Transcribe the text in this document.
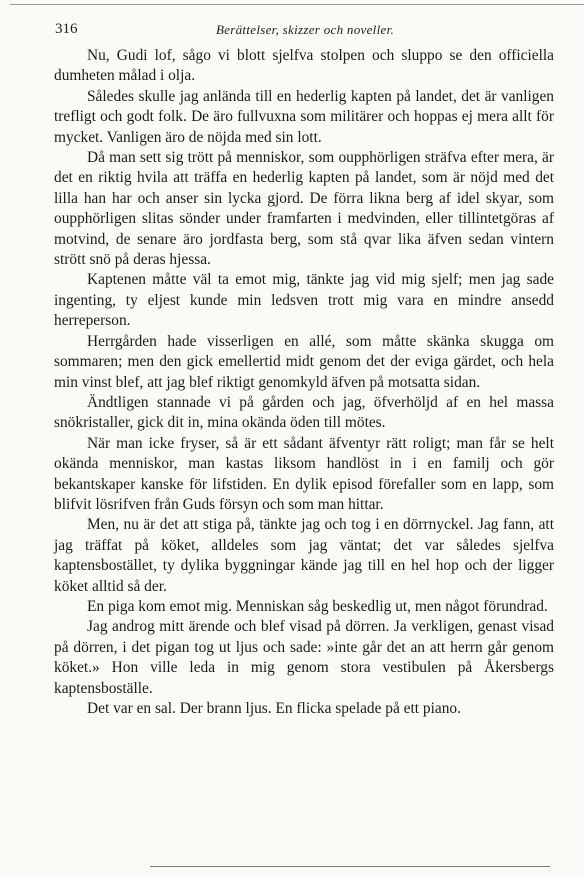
316	Berättelser, skizzer och noveller.

Nu, Gudi lof, sågo vi blott sjelfva stolpen och sluppo se den officiella dumheten målad i olja.

Således skulle jag anlända till en hederlig kapten på landet, det är vanligen trefligt och godt folk. De äro fullvuxna som militärer och hoppas ej mera allt för mycket. Vanligen äro de nöjda med sin lott.

Då man sett sig trött på menniskor, som oupphörligen sträfva efter mera, är det en riktig hvila att träffa en hederlig kapten på landet, som är nöjd med det lilla han har och anser sin lycka gjord. De förra likna berg af idel skyar, som oupphörligen slitas sönder under framfarten i medvinden, eller tillintetgöras af motvind, de senare äro jordfasta berg, som stå qvar lika äfven sedan vintern strött snö på deras hjessa.

Kaptenen måtte väl ta emot mig, tänkte jag vid mig sjelf; men jag sade ingenting, ty eljest kunde min ledsven trott mig vara en mindre ansedd herreperson.

Herrgården hade visserligen en allé, som måtte skänka skugga om sommaren; men den gick emellertid midt genom det der eviga gärdet, och hela min vinst blef, att jag blef riktigt genomkyld äfven på motsatta sidan.

Ändtligen stannade vi på gården och jag, öfverhöljd af en hel massa snökristaller, gick dit in, mina okända öden till mötes.

När man icke fryser, så är ett sådant äfventyr rätt roligt; man får se helt okända menniskor, man kastas liksom handlöst in i en familj och gör bekantskaper kanske för lifstiden. En dylik episod förefaller som en lapp, som blifvit lösrifven från Guds försyn och som man hittar.

Men, nu är det att stiga på, tänkte jag och tog i en dörrnyckel. Jag fann, att jag träffat på köket, alldeles som jag väntat; det var således sjelfva kaptensbostället, ty dylika byggningar kände jag till en hel hop och der ligger köket alltid så der.

En piga kom emot mig. Menniskan såg beskedlig ut, men något förundrad.

Jag androg mitt ärende och blef visad på dörren. Ja verkligen, genast visad på dörren, i det pigan tog ut ljus och sade: »inte går det an att herrn går genom köket.» Hon ville leda in mig genom stora vestibulen på Åkersbergs kaptensboställe.

Det var en sal. Der brann ljus. En flicka spelade på ett piano.
